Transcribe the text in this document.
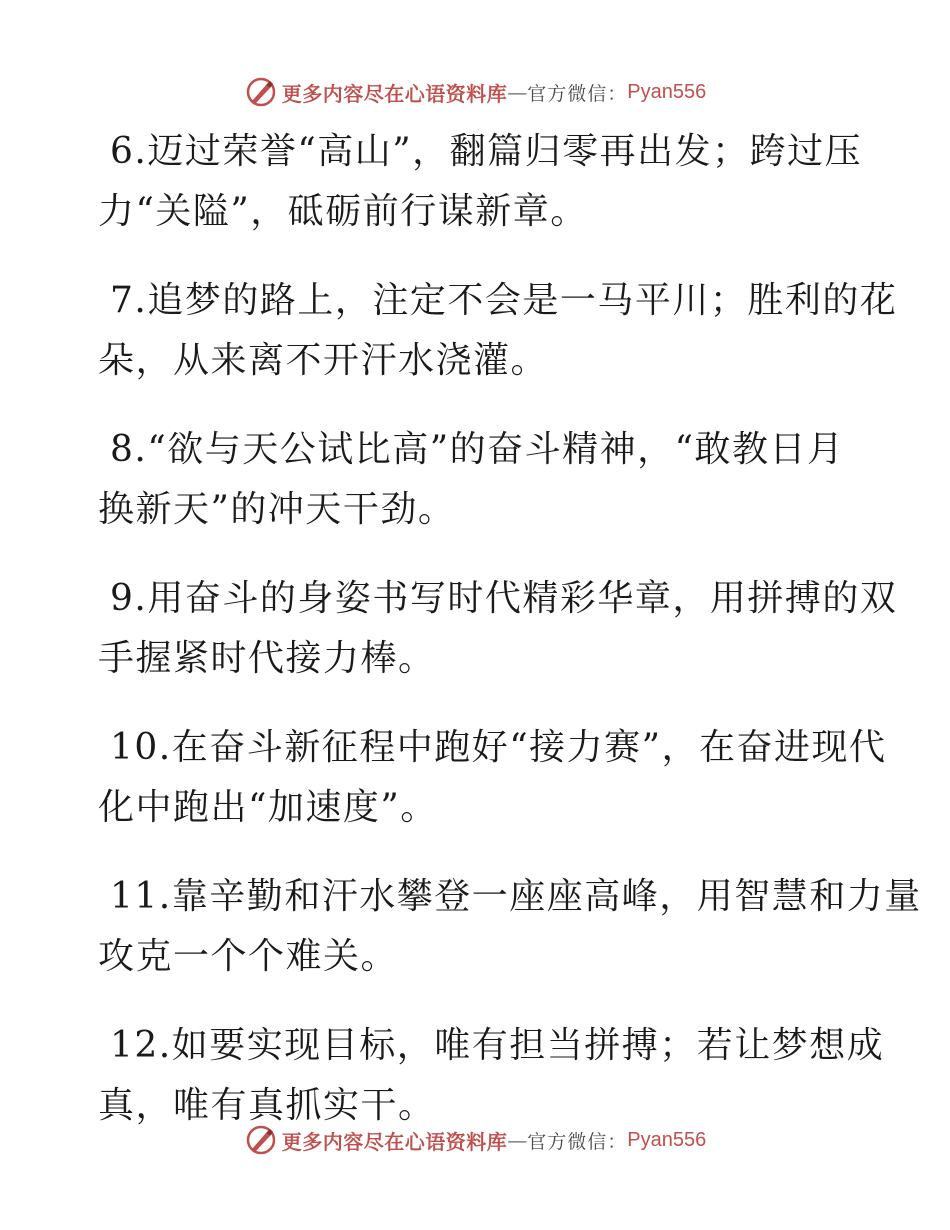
更多内容尽在心语资料库 — 官方微信： Pyan556

6.迈过荣誉“高山”，翻篇归零再出发；跨过压
力“关隘”，砥砺前行谋新章。

7.追梦的路上，注定不会是一马平川；胜利的花
朵，从来离不开汗水浇灌。

8.“欲与天公试比高”的奋斗精神，“敢教日月
换新天”的冲天干劲。

9.用奋斗的身姿书写时代精彩华章，用拼搏的双
手握紧时代接力棒。

10.在奋斗新征程中跑好“接力赛”，在奋进现代
化中跑出“加速度”。

11.靠辛勤和汗水攀登一座座高峰，用智慧和力量
攻克一个个难关。

12.如要实现目标，唯有担当拼搏；若让梦想成
真，唯有真抓实干。

更多内容尽在心语资料库 — 官方微信： Pyan556
